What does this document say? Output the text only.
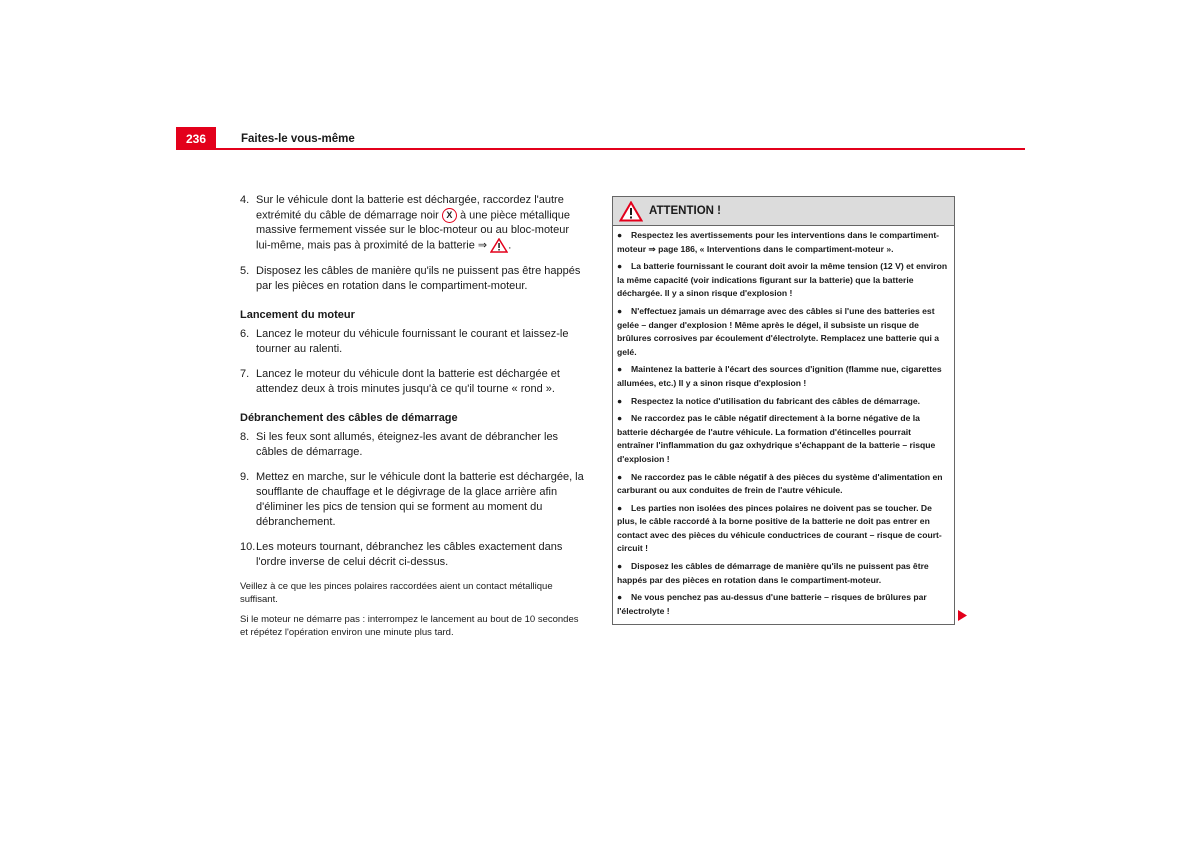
236	Faites-le vous-même
4. Sur le véhicule dont la batterie est déchargée, raccordez l'autre extrémité du câble de démarrage noir X à une pièce métallique massive fermement vissée sur le bloc-moteur ou au bloc-moteur lui-même, mais pas à proximité de la batterie ⇒ .
5. Disposez les câbles de manière qu'ils ne puissent pas être happés par les pièces en rotation dans le compartiment-moteur.
Lancement du moteur
6. Lancez le moteur du véhicule fournissant le courant et laissez-le tourner au ralenti.
7. Lancez le moteur du véhicule dont la batterie est déchargée et attendez deux à trois minutes jusqu'à ce qu'il tourne « rond ».
Débranchement des câbles de démarrage
8. Si les feux sont allumés, éteignez-les avant de débrancher les câbles de démarrage.
9. Mettez en marche, sur le véhicule dont la batterie est déchargée, la soufflante de chauffage et le dégivrage de la glace arrière afin d'éliminer les pics de tension qui se forment au moment du débranchement.
10. Les moteurs tournant, débranchez les câbles exactement dans l'ordre inverse de celui décrit ci-dessus.
Veillez à ce que les pinces polaires raccordées aient un contact métallique suffisant.
Si le moteur ne démarre pas : interrompez le lancement au bout de 10 secondes et répétez l'opération environ une minute plus tard.
ATTENTION !
● Respectez les avertissements pour les interventions dans le compartiment-moteur ⇒ page 186, « Interventions dans le compartiment-moteur ».
● La batterie fournissant le courant doit avoir la même tension (12 V) et environ la même capacité (voir indications figurant sur la batterie) que la batterie déchargée. Il y a sinon risque d'explosion !
● N'effectuez jamais un démarrage avec des câbles si l'une des batteries est gelée – danger d'explosion ! Même après le dégel, il subsiste un risque de brûlures corrosives par écoulement d'électrolyte. Remplacez une batterie qui a gelé.
● Maintenez la batterie à l'écart des sources d'ignition (flamme nue, cigarettes allumées, etc.) Il y a sinon risque d'explosion !
● Respectez la notice d'utilisation du fabricant des câbles de démarrage.
● Ne raccordez pas le câble négatif directement à la borne négative de la batterie déchargée de l'autre véhicule. La formation d'étincelles pourrait entraîner l'inflammation du gaz oxhydrique s'échappant de la batterie – risque d'explosion !
● Ne raccordez pas le câble négatif à des pièces du système d'alimentation en carburant ou aux conduites de frein de l'autre véhicule.
● Les parties non isolées des pinces polaires ne doivent pas se toucher. De plus, le câble raccordé à la borne positive de la batterie ne doit pas entrer en contact avec des pièces du véhicule conductrices de courant – risque de court-circuit !
● Disposez les câbles de démarrage de manière qu'ils ne puissent pas être happés par des pièces en rotation dans le compartiment-moteur.
● Ne vous penchez pas au-dessus d'une batterie – risques de brûlures par l'électrolyte !
